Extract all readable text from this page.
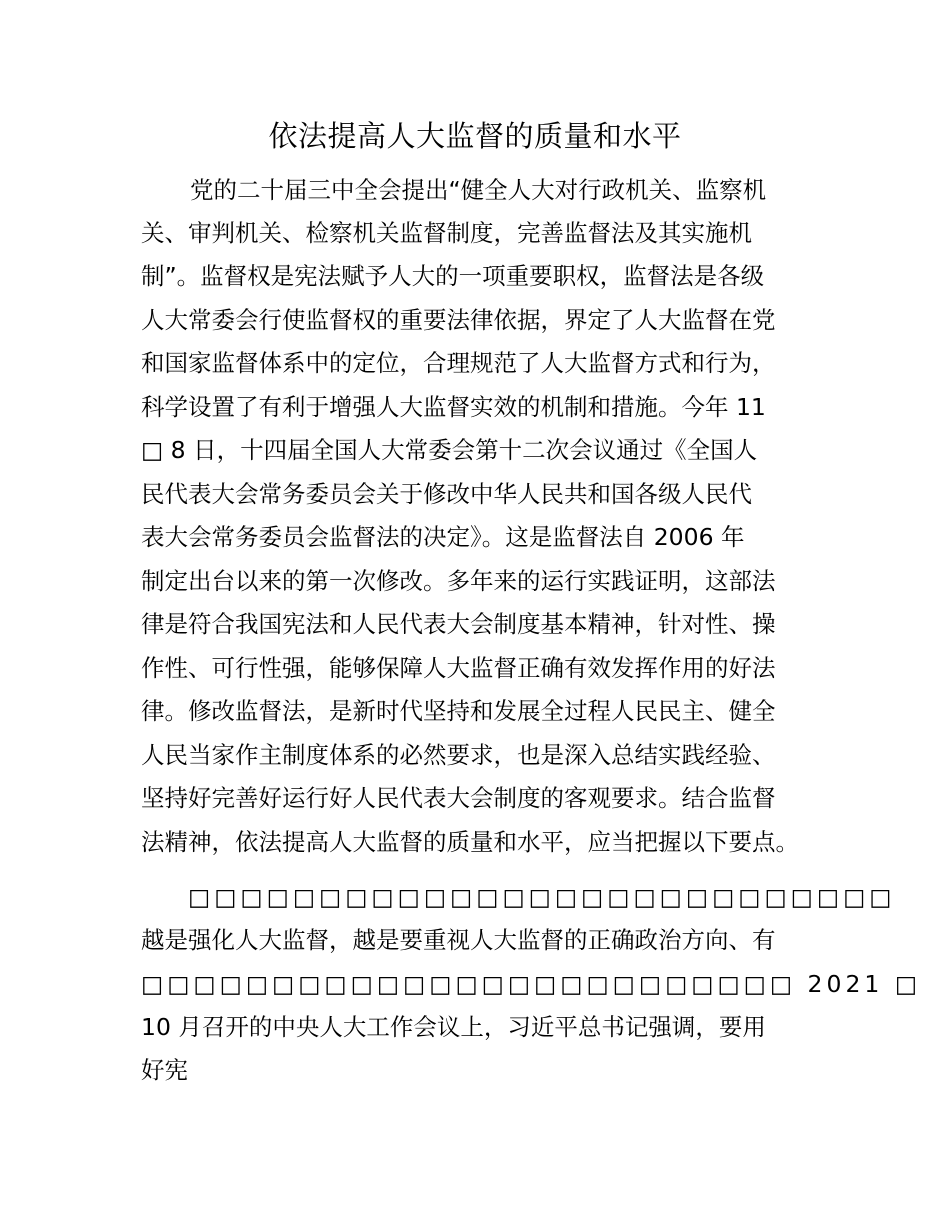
依法提高人大监督的质量和水平
党的二十届三中全会提出“健全人大对行政机关、监察机
关、审判机关、检察机关监督制度，完善监督法及其实施机
制”。监督权是宪法赋予人大的一项重要职权，监督法是各级
人大常委会行使监督权的重要法律依据，界定了人大监督在党
和国家监督体系中的定位，合理规范了人大监督方式和行为，
科学设置了有利于增强人大监督实效的机制和措施。今年 11
□ 8 日，十四届全国人大常委会第十二次会议通过《全国人
民代表大会常务委员会关于修改中华人民共和国各级人民代
表大会常务委员会监督法的决定》。这是监督法自 2006 年
制定出台以来的第一次修改。多年来的运行实践证明，这部法
律是符合我国宪法和人民代表大会制度基本精神，针对性、操
作性、可行性强，能够保障人大监督正确有效发挥作用的好法
律。修改监督法，是新时代坚持和发展全过程人民民主、健全
人民当家作主制度体系的必然要求，也是深入总结实践经验、
坚持好完善好运行好人民代表大会制度的客观要求。结合监督
法精神，依法提高人大监督的质量和水平，应当把握以下要点。
□□□□□□□□□□□□□□□□□□□□□□□□□□□
越是强化人大监督，越是要重视人大监督的正确政治方向、有
□□□□□□□□□□□□□□□□□□□□□□□□□ 2021 □
10 月召开的中央人大工作会议上，习近平总书记强调，要用
好宪
